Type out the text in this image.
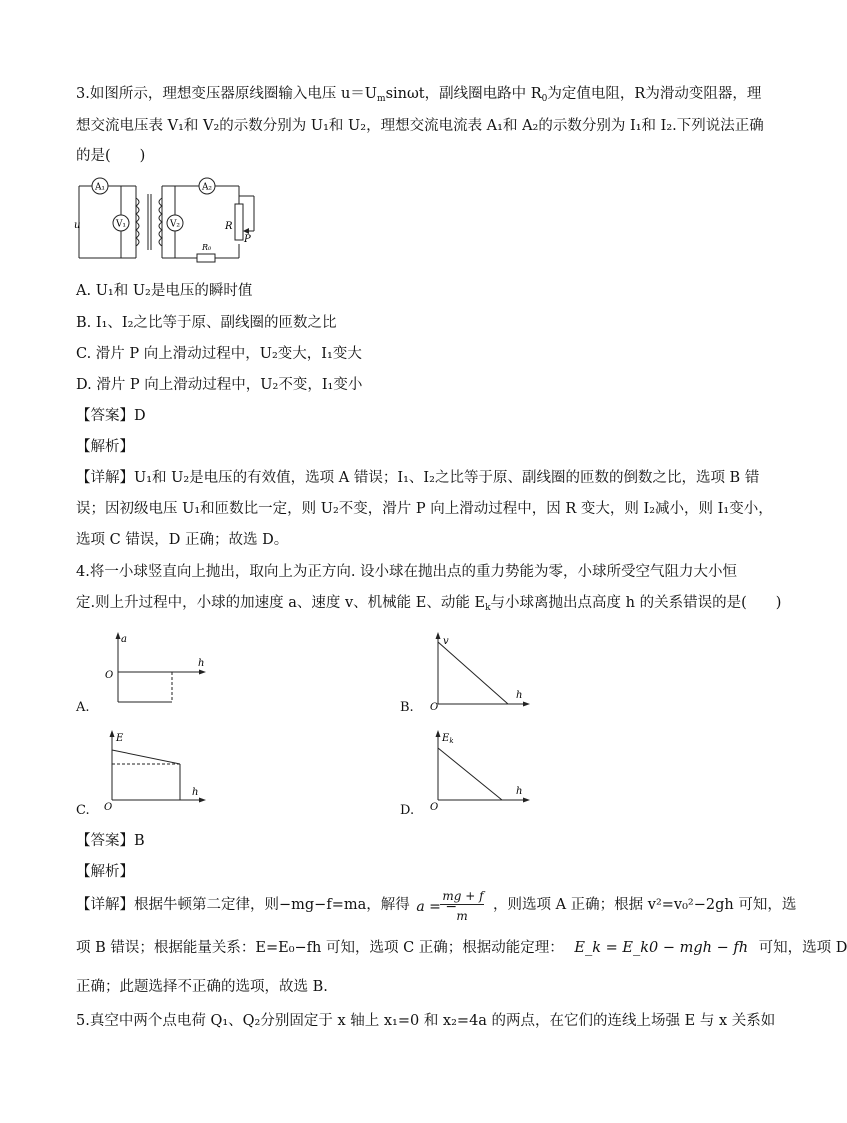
3.如图所示，理想变压器原线圈输入电压 $u=U_m\sin\omega t$，副线圈电路中 $R_0$为定值电阻，R为滑动变阻器，理
想交流电压表 V₁和 V₂的示数分别为 U₁和 U₂，理想交流电流表 A₁和 A₂的示数分别为 I₁和 I₂.下列说法正确
的是(　　)
A₁
V₁
A₂
V₂
u	R
P
R₀
A. U₁和 U₂是电压的瞬时值
B. I₁、I₂之比等于原、副线圈的匝数之比
C. 滑片 P 向上滑动过程中，U₂变大，I₁变大
D. 滑片 P 向上滑动过程中，U₂不变，I₁变小
【答案】D
【解析】
【详解】U₁和 U₂是电压的有效值，选项 A 错误；I₁、I₂之比等于原、副线圈的匝数的倒数之比，选项 B 错
误；因初级电压 U₁和匝数比一定，则 U₂不变，滑片 P 向上滑动过程中，因 R 变大，则 I₂减小，则 I₁变小，
选项 C 错误，D 正确；故选 D。
4.将一小球竖直向上抛出，取向上为正方向. 设小球在抛出点的重力势能为零，小球所受空气阻力大小恒
定.则上升过程中，小球的加速度 a、速度 v、机械能 E、动能 $E_k$与小球离抛出点高度 h 的关系错误的是(　　)
A.
a
h
O
B.
v
h
O
C.
E
h
O	D.
$E_k$
h
O
【答案】B
【解析】
【详解】根据牛顿第二定律，则−mg−f=ma，解得 a = −
mg + f
m
，则选项 A 正确；根据 v²=v₀²−2gh 可知，选
项 B 错误；根据能量关系：E=E₀−fh 可知，选项 C 正确；根据动能定理： E_k = E_k0 − mgh − fh 可知，选项 D
正确；此题选择不正确的选项，故选 B.
5.真空中两个点电荷 Q₁、Q₂分别固定于 x 轴上 x₁=0 和 x₂=4a 的两点，在它们的连线上场强 E 与 x 关系如
